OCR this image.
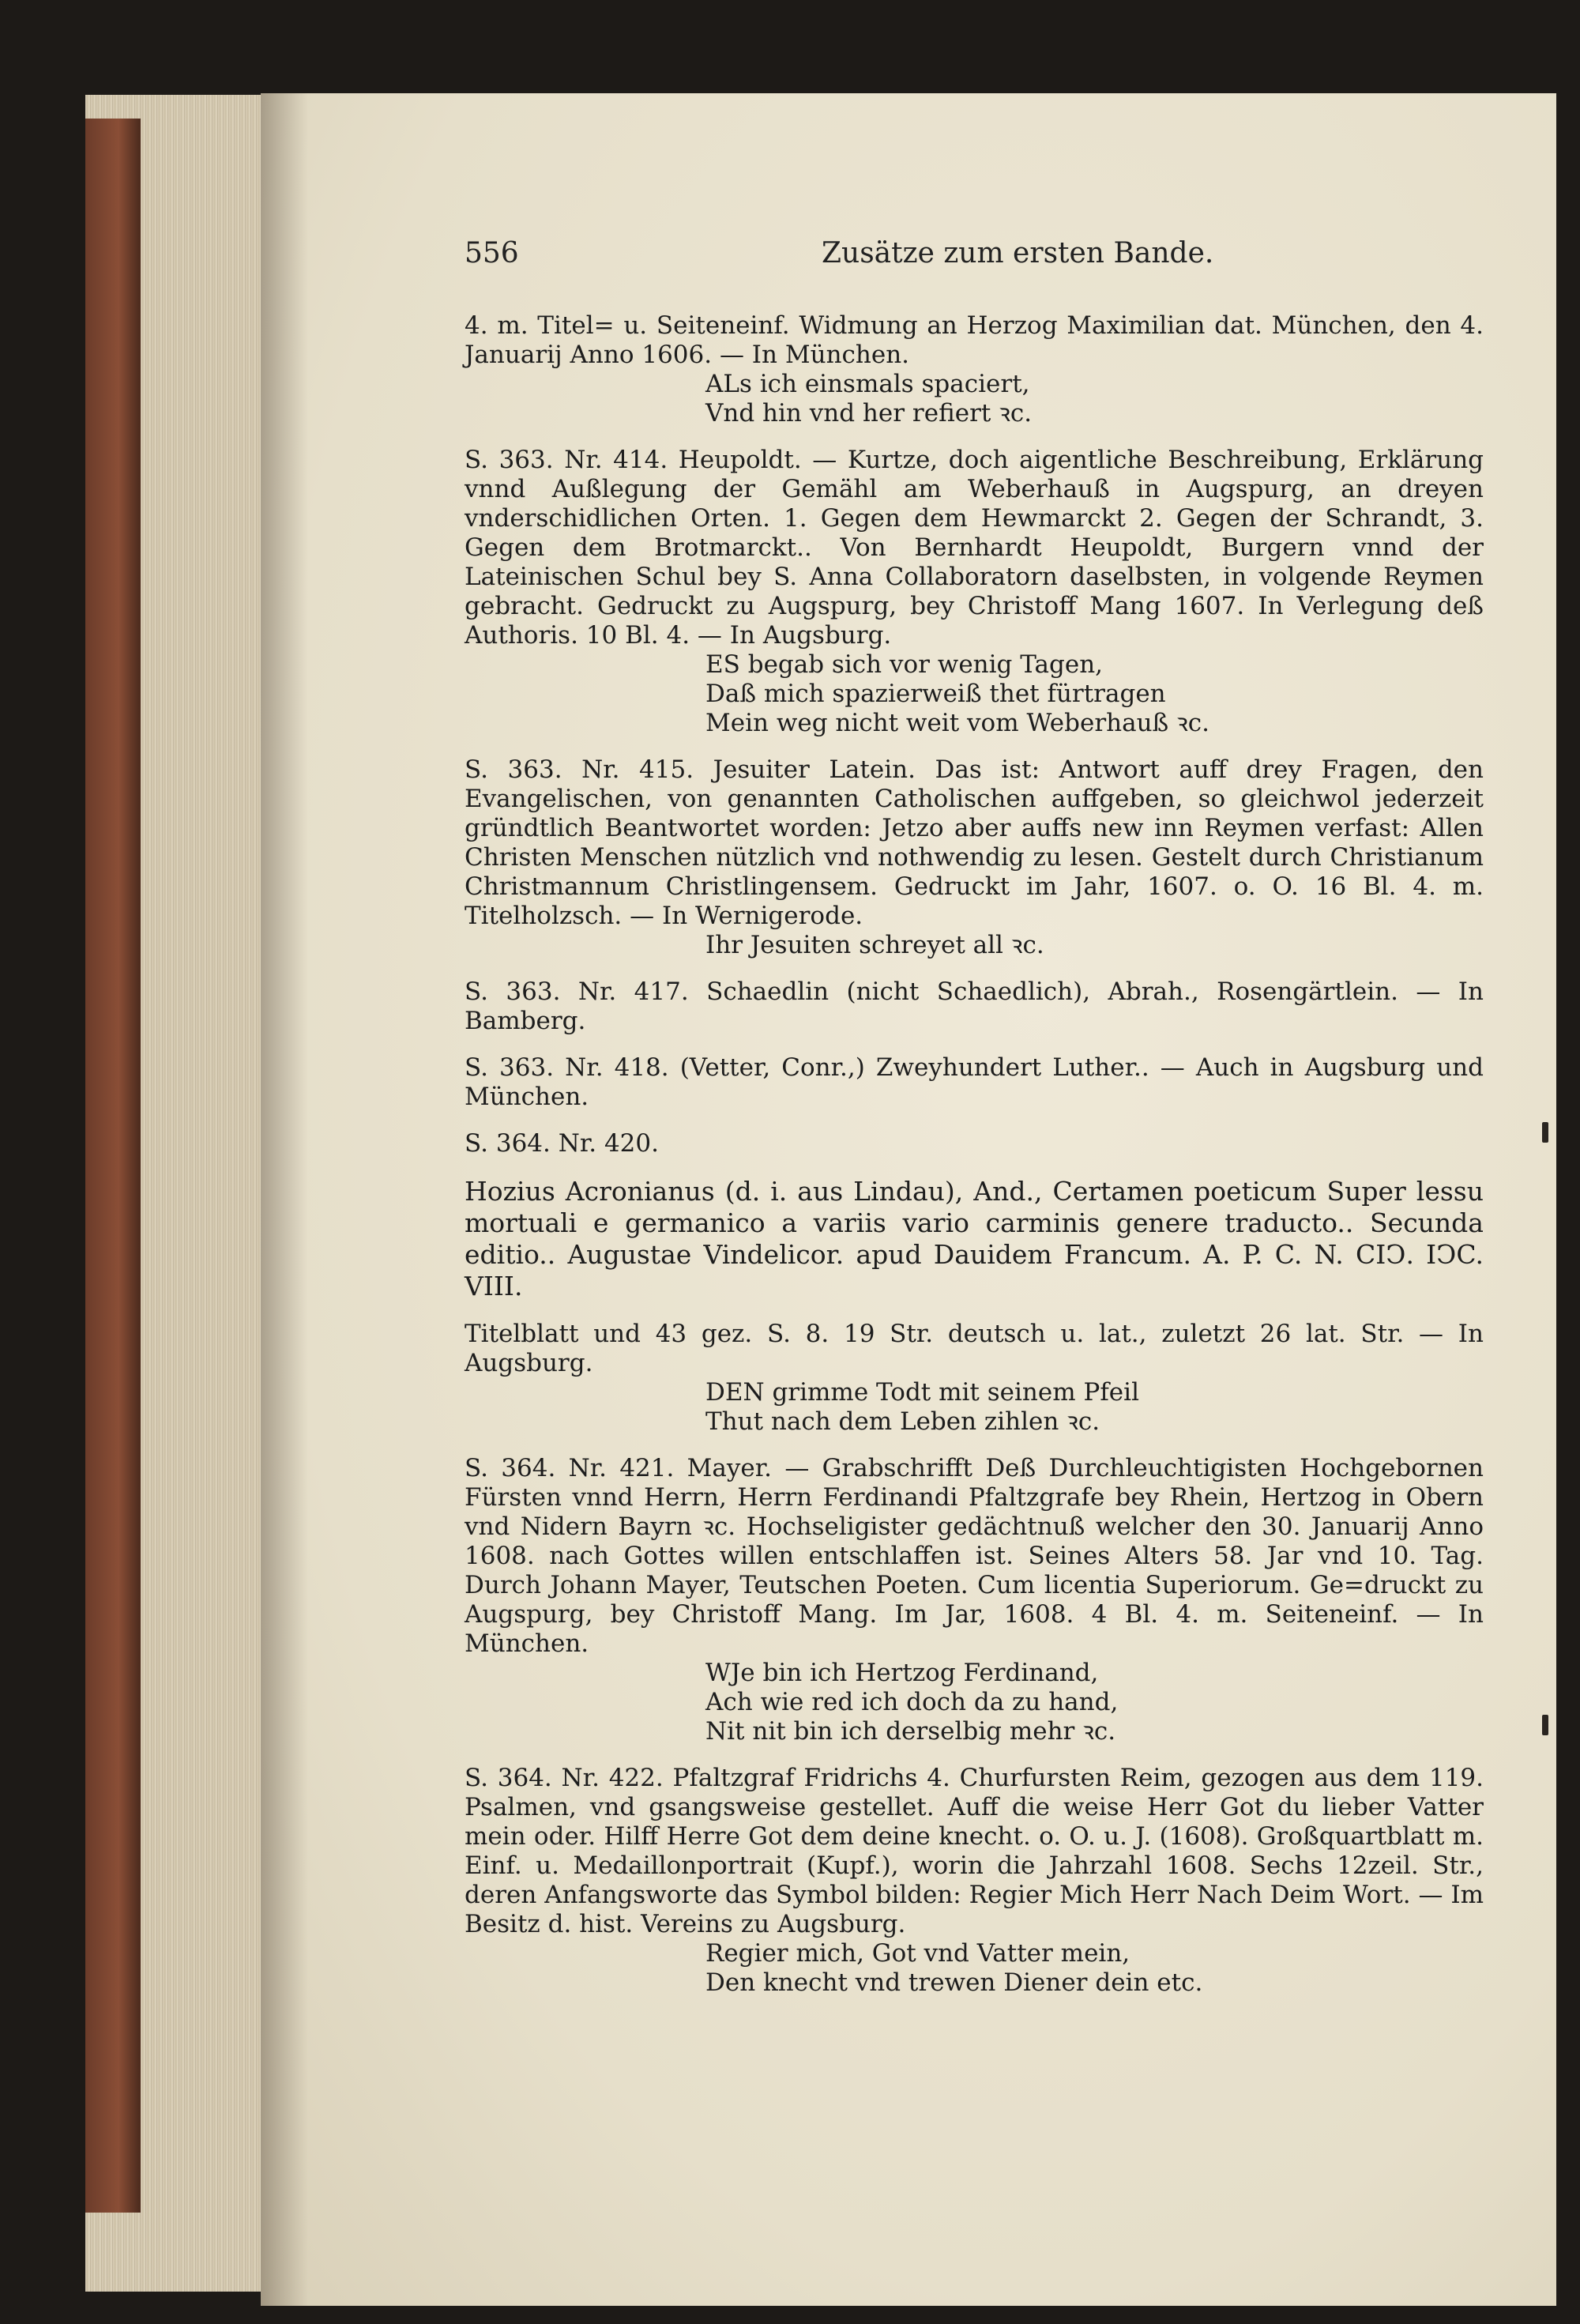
556	Zusätze zum ersten Bande.

4. m. Titel= u. Seiteneinf. Widmung an Herzog Maximilian dat. München, den 4. Januarij Anno 1606. — In München.

ALs ich einsmals spaciert,

Vnd hin vnd her refiert ꝛc.

S. 363. Nr. 414. Heupoldt. — Kurtze, doch aigentliche Beschreibung, Erklärung vnnd Außlegung der Gemähl am Weberhauß in Augspurg, an dreyen vnderschidlichen Orten. 1. Gegen dem Hewmarckt 2. Gegen der Schrandt, 3. Gegen dem Brotmarckt.. Von Bernhardt Heupoldt, Burgern vnnd der Lateinischen Schul bey S. Anna Collaboratorn daselbsten, in volgende Reymen gebracht. Gedruckt zu Augspurg, bey Christoff Mang 1607. In Verlegung deß Authoris. 10 Bl. 4. — In Augsburg.

ES begab sich vor wenig Tagen,

Daß mich spazierweiß thet fürtragen

Mein weg nicht weit vom Weberhauß ꝛc.

S. 363. Nr. 415. Jesuiter Latein. Das ist: Antwort auff drey Fragen, den Evangelischen, von genannten Catholischen auffgeben, so gleichwol jederzeit gründtlich Beantwortet worden: Jetzo aber auffs new inn Reymen verfast: Allen Christen Menschen nützlich vnd nothwendig zu lesen. Gestelt durch Christianum Christmannum Christlingensem. Gedruckt im Jahr, 1607. o. O. 16 Bl. 4. m. Titelholzsch. — In Wernigerode.

Ihr Jesuiten schreyet all ꝛc.

S. 363. Nr. 417. Schaedlin (nicht Schaedlich), Abrah., Rosengärtlein. — In Bamberg.

S. 363. Nr. 418. (Vetter, Conr.,) Zweyhundert Luther.. — Auch in Augsburg und München.

S. 364. Nr. 420.

Hozius Acronianus (d. i. aus Lindau), And., Certamen poeticum Super lessu mortuali e germanico a variis vario carminis genere traducto.. Secunda editio.. Augustae Vindelicor. apud Dauidem Francum. A. P. C. N. CIↃ. IↃC. VIII.

Titelblatt und 43 gez. S. 8. 19 Str. deutsch u. lat., zuletzt 26 lat. Str. — In Augsburg.

DEN grimme Todt mit seinem Pfeil

Thut nach dem Leben zihlen ꝛc.

S. 364. Nr. 421. Mayer. — Grabschrifft Deß Durchleuchtigisten Hochgebornen Fürsten vnnd Herrn, Herrn Ferdinandi Pfaltzgrafe bey Rhein, Hertzog in Obern vnd Nidern Bayrn ꝛc. Hochseligister gedächtnuß welcher den 30. Januarij Anno 1608. nach Gottes willen entschlaffen ist. Seines Alters 58. Jar vnd 10. Tag. Durch Johann Mayer, Teutschen Poeten. Cum licentia Superiorum. Ge=druckt zu Augspurg, bey Christoff Mang. Im Jar, 1608. 4 Bl. 4. m. Seiteneinf. — In München.

WJe bin ich Hertzog Ferdinand,

Ach wie red ich doch da zu hand,

Nit nit bin ich derselbig mehr ꝛc.

S. 364. Nr. 422. Pfaltzgraf Fridrichs 4. Churfursten Reim, gezogen aus dem 119. Psalmen, vnd gsangsweise gestellet. Auff die weise Herr Got du lieber Vatter mein oder. Hilff Herre Got dem deine knecht. o. O. u. J. (1608). Großquartblatt m. Einf. u. Medaillonportrait (Kupf.), worin die Jahrzahl 1608. Sechs 12zeil. Str., deren Anfangsworte das Symbol bilden: Regier Mich Herr Nach Deim Wort. — Im Besitz d. hist. Vereins zu Augsburg.

Regier mich, Got vnd Vatter mein,

Den knecht vnd trewen Diener dein etc.
